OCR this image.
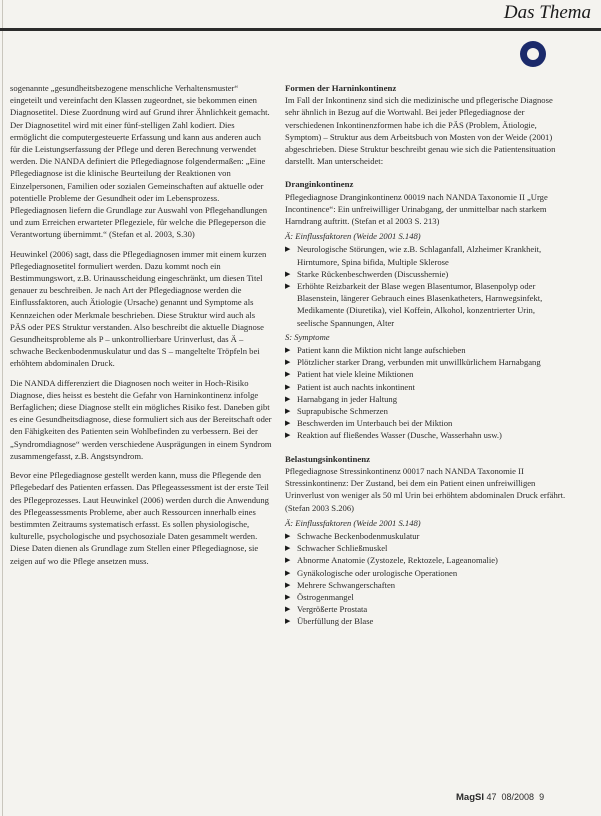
Das Thema

sogenannte „gesundheitsbezogene menschliche Verhaltensmuster“ eingeteilt und vereinfacht den Klassen zugeordnet, sie bekommen einen Diagnosetitel. Diese Zuordnung wird auf Grund ihrer Ähnlichkeit gemacht. Der Diagnosetitel wird mit einer fünf-stelligen Zahl kodiert. Dies ermöglicht die computergesteuerte Erfassung und kann aus anderen auch für die Leistungserfassung der Pflege und deren Berechnung verwendet werden. Die NANDA definiert die Pflegediagnose folgendermaßen: „Eine Pflegediagnose ist die klinische Beurteilung der Reaktionen von Einzelpersonen, Familien oder sozialen Gemeinschaften auf aktuelle oder potentielle Probleme der Gesundheit oder im Lebensprozess. Pflegediagnosen liefern die Grundlage zur Auswahl von Pflegehandlungen und zum Erreichen erwarteter Pflegeziele, für welche die Pflegeperson die Verantwortung übernimmt.“ (Stefan et al. 2003, S.30)

Heuwinkel (2006) sagt, dass die Pflegediagnosen immer mit einem kurzen Pflegediagnosetitel formuliert werden. Dazu kommt noch ein Bestimmungswort, z.B. Urinausscheidung eingeschränkt, um diesen Titel genauer zu beschreiben. Je nach Art der Pflegediagnose werden die Einflussfaktoren, auch Ätiologie (Ursache) genannt und Symptome als Kennzeichen oder Merkmale beschrieben. Diese Struktur wird auch als PÄS oder PES Struktur verstanden. Also beschreibt die aktuelle Diagnose Gesundheitsprobleme als P – unkontrollierbare Urinverlust, das Ä – schwache Beckenbodenmuskulatur und das S – mangeltelte Tröpfeln bei erhöhtem abdominalen Druck.

Die NANDA differenziert die Diagnosen noch weiter in Hoch-Risiko Diagnose, dies heisst es besteht die Gefahr von Harninkontinenz infolge Berfaglichen; diese Diagnose stellt ein mögliches Risiko fest. Daneben gibt es eine Gesundheitsdiagnose, diese formuliert sich aus der Bereitschaft oder den Fähigkeiten des Patienten sein Wohlbefinden zu verbessern. Bei der „Syndromdiagnose“ werden verschiedene Ausprägungen in einem Syndrom zusammengefasst, z.B. Angstsyndrom.

Bevor eine Pflegediagnose gestellt werden kann, muss die Pflegende den Pflegebedarf des Patienten erfassen. Das Pflegeassessment ist der erste Teil des Pflegeprozesses. Laut Heuwinkel (2006) werden durch die Anwendung des Pflegeassessments Probleme, aber auch Ressourcen innerhalb eines bestimmten Zeitraums systematisch erfasst. Es sollen physiologische, kulturelle, psychologische und psychosoziale Daten gesammelt werden. Diese Daten dienen als Grundlage zum Stellen einer Pflegediagnose, sie zeigen auf wo die Pflege ansetzen muss.

Formen der Harninkontinenz

Im Fall der Inkontinenz sind sich die medizinische und pflegerische Diagnose sehr ähnlich in Bezug auf die Wortwahl. Bei jeder Pflegediagnose der verschiedenen Inkontinenzformen habe ich die PÄS (Problem, Ätiologie, Symptom) – Struktur aus dem Arbeitsbuch von Mosten von der Weide (2001) abgeschrieben. Diese Struktur beschreibt genau wie sich die Patientensituation darstellt. Man unterscheidet:

Dranginkontinenz

Pflegediagnose Dranginkontinenz 00019 nach NANDA Taxonomie II „Urge Incontinence“: Ein unfreiwilliger Urinabgang, der unmittelbar nach starkem Harndrang auftritt. (Stefan et al 2003 S. 213)

Ä: Einflussfaktoren (Weide 2001 S.148)
▶ Neurologische Störungen, wie z.B. Schlaganfall, Alzheimer Krankheit, Hirntumore, Spina bifida, Multiple Sklerose
▶ Starke Rückenbeschwerden (Discusshernie)
▶ Erhöhte Reizbarkeit der Blase wegen Blasentumor, Blasenpolyp oder Blasenstein, längerer Gebrauch eines Blasenkatheters, Harnwegsinfekt, Medikamente (Diuretika), viel Koffein, Alkohol, konzentrierter Urin, seelische Spannungen, Alter
S: Symptome
▶ Patient kann die Miktion nicht lange aufschieben
▶ Plötzlicher starker Drang, verbunden mit unwillkürlichem Harnabgang
▶ Patient hat viele kleine Miktionen
▶ Patient ist auch nachts inkontinent
▶ Harnabgang in jeder Haltung
▶ Suprapubische Schmerzen
▶ Beschwerden im Unterbauch bei der Miktion
▶ Reaktion auf fließendes Wasser (Dusche, Wasserhahn usw.)
Belastungsinkontinenz

Pflegediagnose Stressinkontinenz 00017 nach NANDA Taxonomie II Stressinkontinenz: Der Zustand, bei dem ein Patient einen unfreiwilligen Urinverlust von weniger als 50 ml Urin bei erhöhtem abdominalen Druck erfährt. (Stefan 2003 S.206)

Ä: Einflussfaktoren (Weide 2001 S.148)
▶ Schwache Beckenbodenmuskulatur
▶ Schwacher Schließmuskel
▶ Abnorme Anatomie (Zystozele, Rektozele, Lageanomalie)
▶ Gynäkologische oder urologische Operationen
▶ Mehrere Schwangerschaften
▶ Östrogenmangel
▶ Vergrößerte Prostata
▶ Überfüllung der Blase
MagSI 47 08/2008 9
